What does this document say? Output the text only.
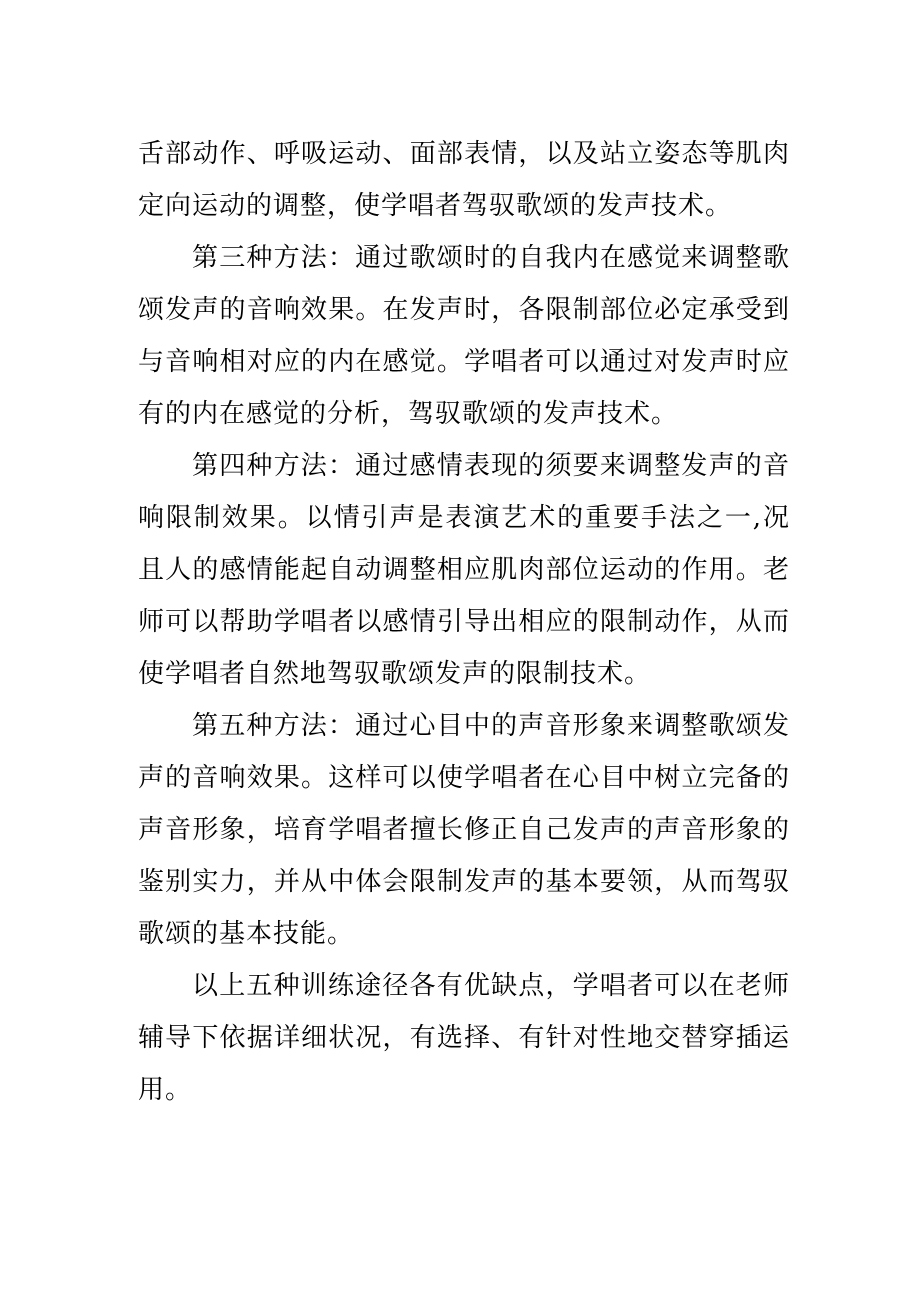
舌部动作、呼吸运动、面部表情，以及站立姿态等肌肉定向运动的调整，使学唱者驾驭歌颂的发声技术。

第三种方法：通过歌颂时的自我内在感觉来调整歌颂发声的音响效果。在发声时，各限制部位必定承受到与音响相对应的内在感觉。学唱者可以通过对发声时应有的内在感觉的分析，驾驭歌颂的发声技术。

第四种方法：通过感情表现的须要来调整发声的音响限制效果。以情引声是表演艺术的重要手法之一,况且人的感情能起自动调整相应肌肉部位运动的作用。老师可以帮助学唱者以感情引导出相应的限制动作，从而使学唱者自然地驾驭歌颂发声的限制技术。

第五种方法：通过心目中的声音形象来调整歌颂发声的音响效果。这样可以使学唱者在心目中树立完备的声音形象，培育学唱者擅长修正自己发声的声音形象的鉴别实力，并从中体会限制发声的基本要领，从而驾驭歌颂的基本技能。

以上五种训练途径各有优缺点，学唱者可以在老师辅导下依据详细状况，有选择、有针对性地交替穿插运用。
